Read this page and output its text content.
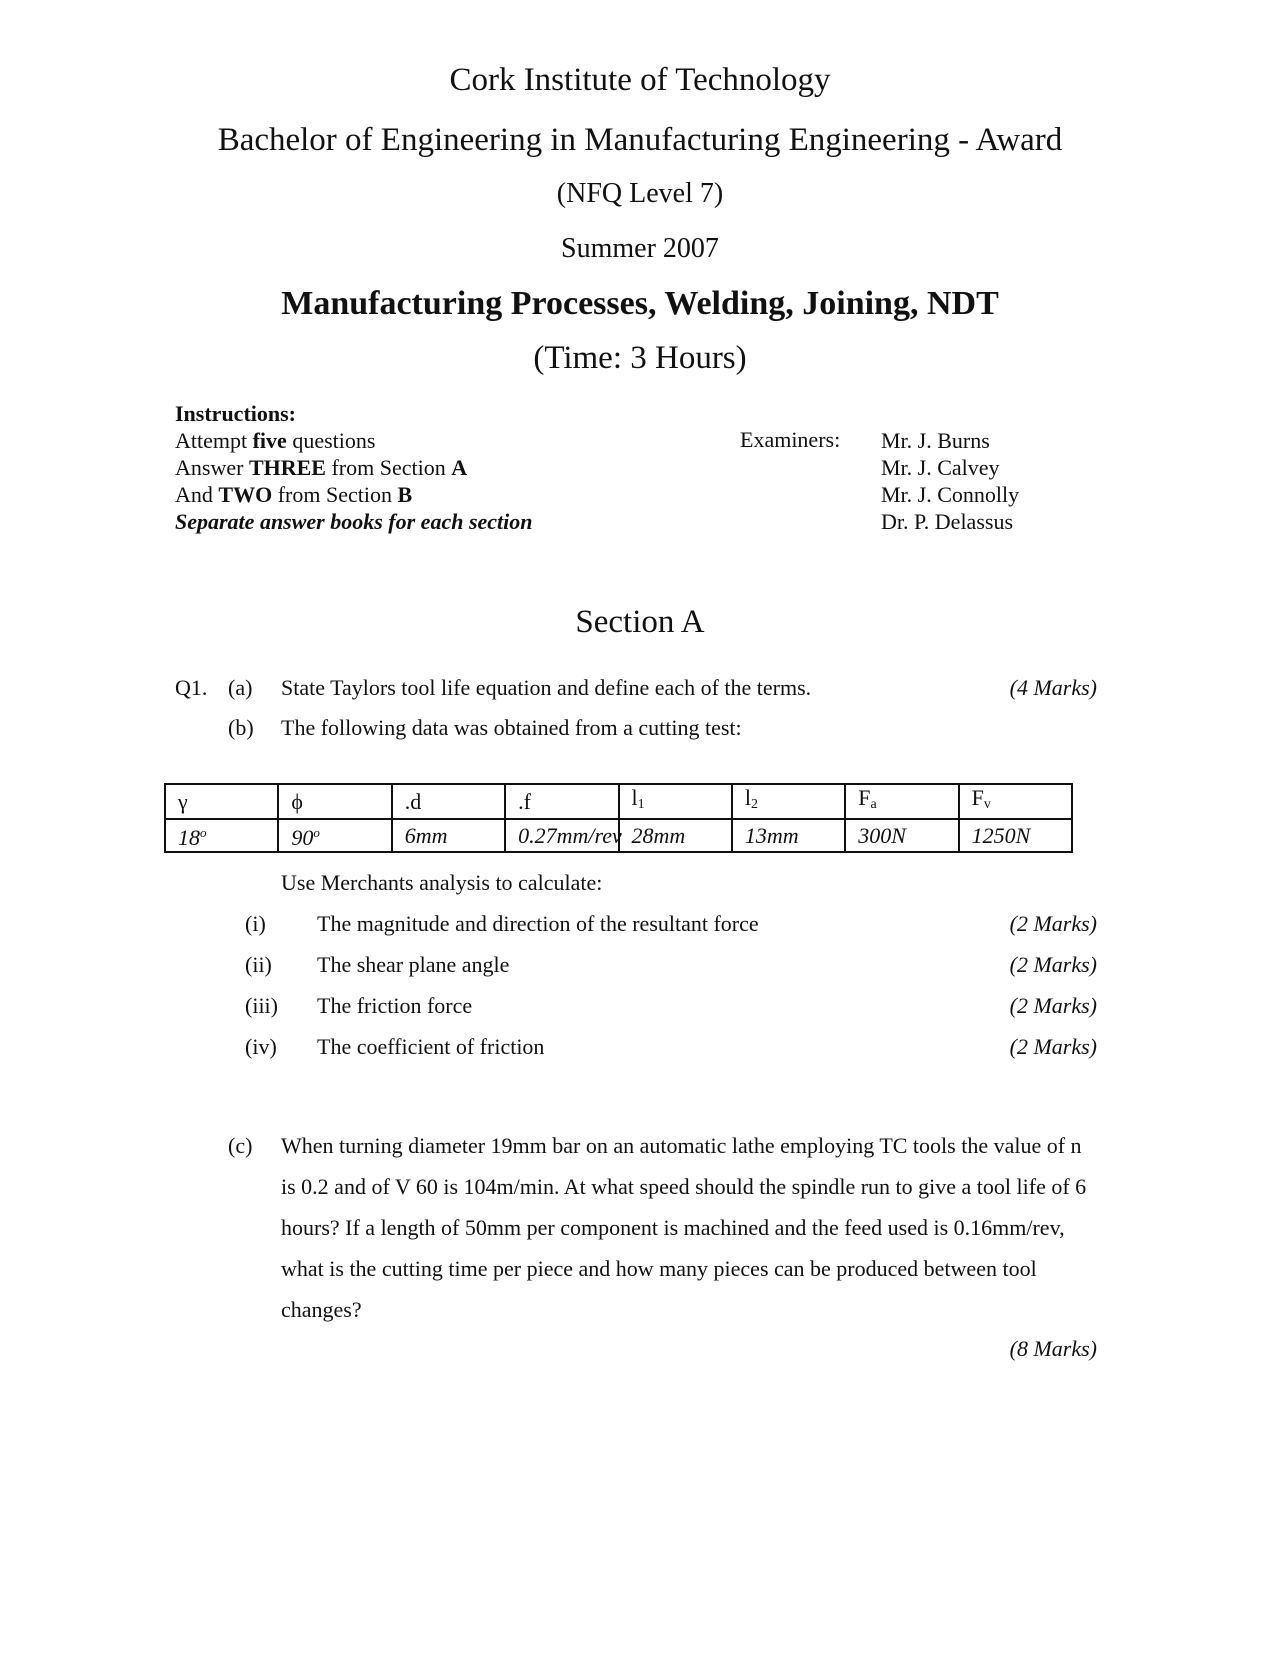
Cork Institute of Technology
Bachelor of Engineering in Manufacturing Engineering - Award
(NFQ Level 7)
Summer 2007
Manufacturing Processes, Welding, Joining, NDT
(Time: 3 Hours)
Instructions:
Attempt five questions
Answer THREE from Section A
And TWO from Section B
Separate answer books for each section
Examiners: Mr. J. Burns
Mr. J. Calvey
Mr. J. Connolly
Dr. P. Delassus
Section A
Q1. (a) State Taylors tool life equation and define each of the terms.	(4 Marks)
(b) The following data was obtained from a cutting test:
γ	ϕ	.d	.f	$l_1$	$l_2$	$F_a$	$F_v$
18$^o$	90$^o$	6mm	0.27mm/rev	28mm	13mm	300N	1250N
Use Merchants analysis to calculate:
(i) The magnitude and direction of the resultant force	(2 Marks)
(ii) The shear plane angle	(2 Marks)
(iii) The friction force	(2 Marks)
(iv) The coefficient of friction	(2 Marks)
(c) When turning diameter 19mm bar on an automatic lathe employing TC tools the value of n is 0.2 and of V 60 is 104m/min. At what speed should the spindle run to give a tool life of 6 hours? If a length of 50mm per component is machined and the feed used is 0.16mm/rev, what is the cutting time per piece and how many pieces can be produced between tool changes?
(8 Marks)
